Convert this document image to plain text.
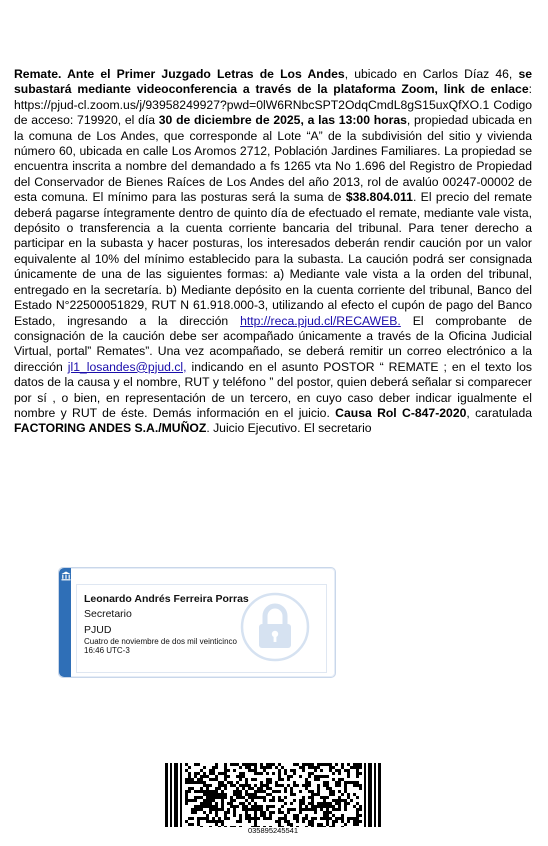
Remate. Ante el Primer Juzgado Letras de Los Andes, ubicado en Carlos Díaz 46, se subastará mediante videoconferencia a través de la plataforma Zoom, link de enlace: https://pjud-cl.zoom.us/j/93958249927?pwd=0lW6RNbcSPT2OdqCmdL8gS15uxQfXO.1 Codigo de acceso: 719920, el día 30 de diciembre de 2025, a las 13:00 horas, propiedad ubicada en la comuna de Los Andes, que corresponde al Lote “A” de la subdivisión del sitio y vivienda número 60, ubicada en calle Los Aromos 2712, Población Jardines Familiares. La propiedad se encuentra inscrita a nombre del demandado a fs 1265 vta No 1.696 del Registro de Propiedad del Conservador de Bienes Raíces de Los Andes del año 2013, rol de avalúo 00247-00002 de esta comuna. El mínimo para las posturas será la suma de $38.804.011. El precio del remate deberá pagarse íntegramente dentro de quinto día de efectuado el remate, mediante vale vista, depósito o transferencia a la cuenta corriente bancaria del tribunal. Para tener derecho a participar en la subasta y hacer posturas, los interesados deberán rendir caución por un valor equivalente al 10% del mínimo establecido para la subasta. La caución podrá ser consignada únicamente de una de las siguientes formas: a) Mediante vale vista a la orden del tribunal, entregado en la secretaría. b) Mediante depósito en la cuenta corriente del tribunal, Banco del Estado N°22500051829, RUT N 61.918.000-3, utilizando al efecto el cupón de pago del Banco Estado, ingresando a la dirección http://reca.pjud.cl/RECAWEB. El comprobante de consignación de la caución debe ser acompañado únicamente a través de la Oficina Judicial Virtual, portal” Remates”. Una vez acompañado, se deberá remitir un correo electrónico a la dirección jl1_losandes@pjud.cl, indicando en el asunto POSTOR “ REMATE ; en el texto los datos de la causa y el nombre, RUT y teléfono ” del postor, quien deberá señalar si comparecer por sí , o bien, en representación de un tercero, en cuyo caso deber indicar igualmente el nombre y RUT de éste. Demás información en el juicio. Causa Rol C-847-2020, caratulada FACTORING ANDES S.A./MUÑOZ. Juicio Ejecutivo. El secretario

Leonardo Andrés Ferreira Porras
Secretario
PJUD
Cuatro de noviembre de dos mil veinticinco
16:46 UTC-3
035895245541
